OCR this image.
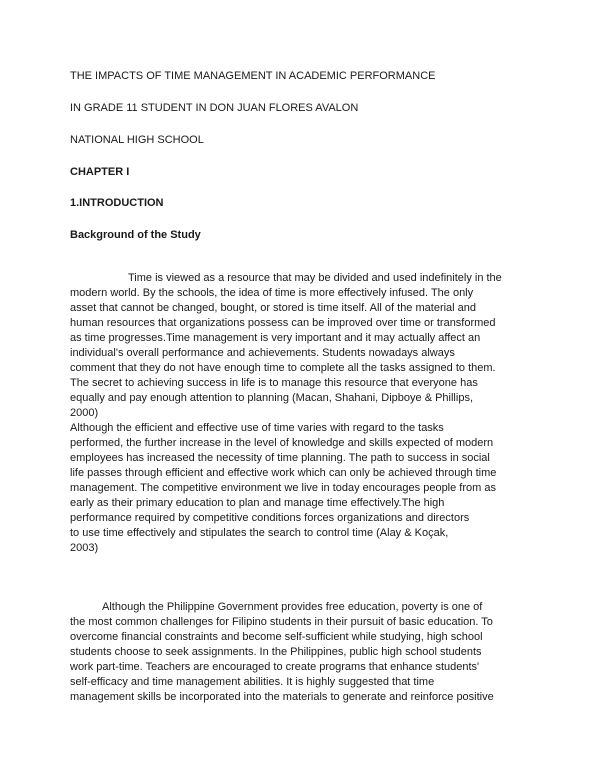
THE IMPACTS OF TIME MANAGEMENT IN ACADEMIC PERFORMANCE

IN GRADE 11 STUDENT IN DON JUAN FLORES AVALON

NATIONAL HIGH SCHOOL

CHAPTER I

1.INTRODUCTION

Background of the Study

Time is viewed as a resource that may be divided and used indefinitely in the
modern world. By the schools, the idea of time is more effectively infused. The only
asset that cannot be changed, bought, or stored is time itself. All of the material and
human resources that organizations possess can be improved over time or transformed
as time progresses.Time management is very important and it may actually affect an
individual's overall performance and achievements. Students nowadays always
comment that they do not have enough time to complete all the tasks assigned to them.
The secret to achieving success in life is to manage this resource that everyone has
equally and pay enough attention to planning (Macan, Shahani, Dipboye & Phillips,
2000)
Although the efficient and effective use of time varies with regard to the tasks
performed, the further increase in the level of knowledge and skills expected of modern
employees has increased the necessity of time planning. The path to success in social
life passes through efficient and effective work which can only be achieved through time
management. The competitive environment we live in today encourages people from as
early as their primary education to plan and manage time effectively.The high
performance required by competitive conditions forces organizations and directors
to use time effectively and stipulates the search to control time (Alay & Koçak,
2003)
Although the Philippine Government provides free education, poverty is one of
the most common challenges for Filipino students in their pursuit of basic education. To
overcome financial constraints and become self-sufficient while studying, high school
students choose to seek assignments. In the Philippines, public high school students
work part-time. Teachers are encouraged to create programs that enhance students'
self-efficacy and time management abilities. It is highly suggested that time
management skills be incorporated into the materials to generate and reinforce positive
